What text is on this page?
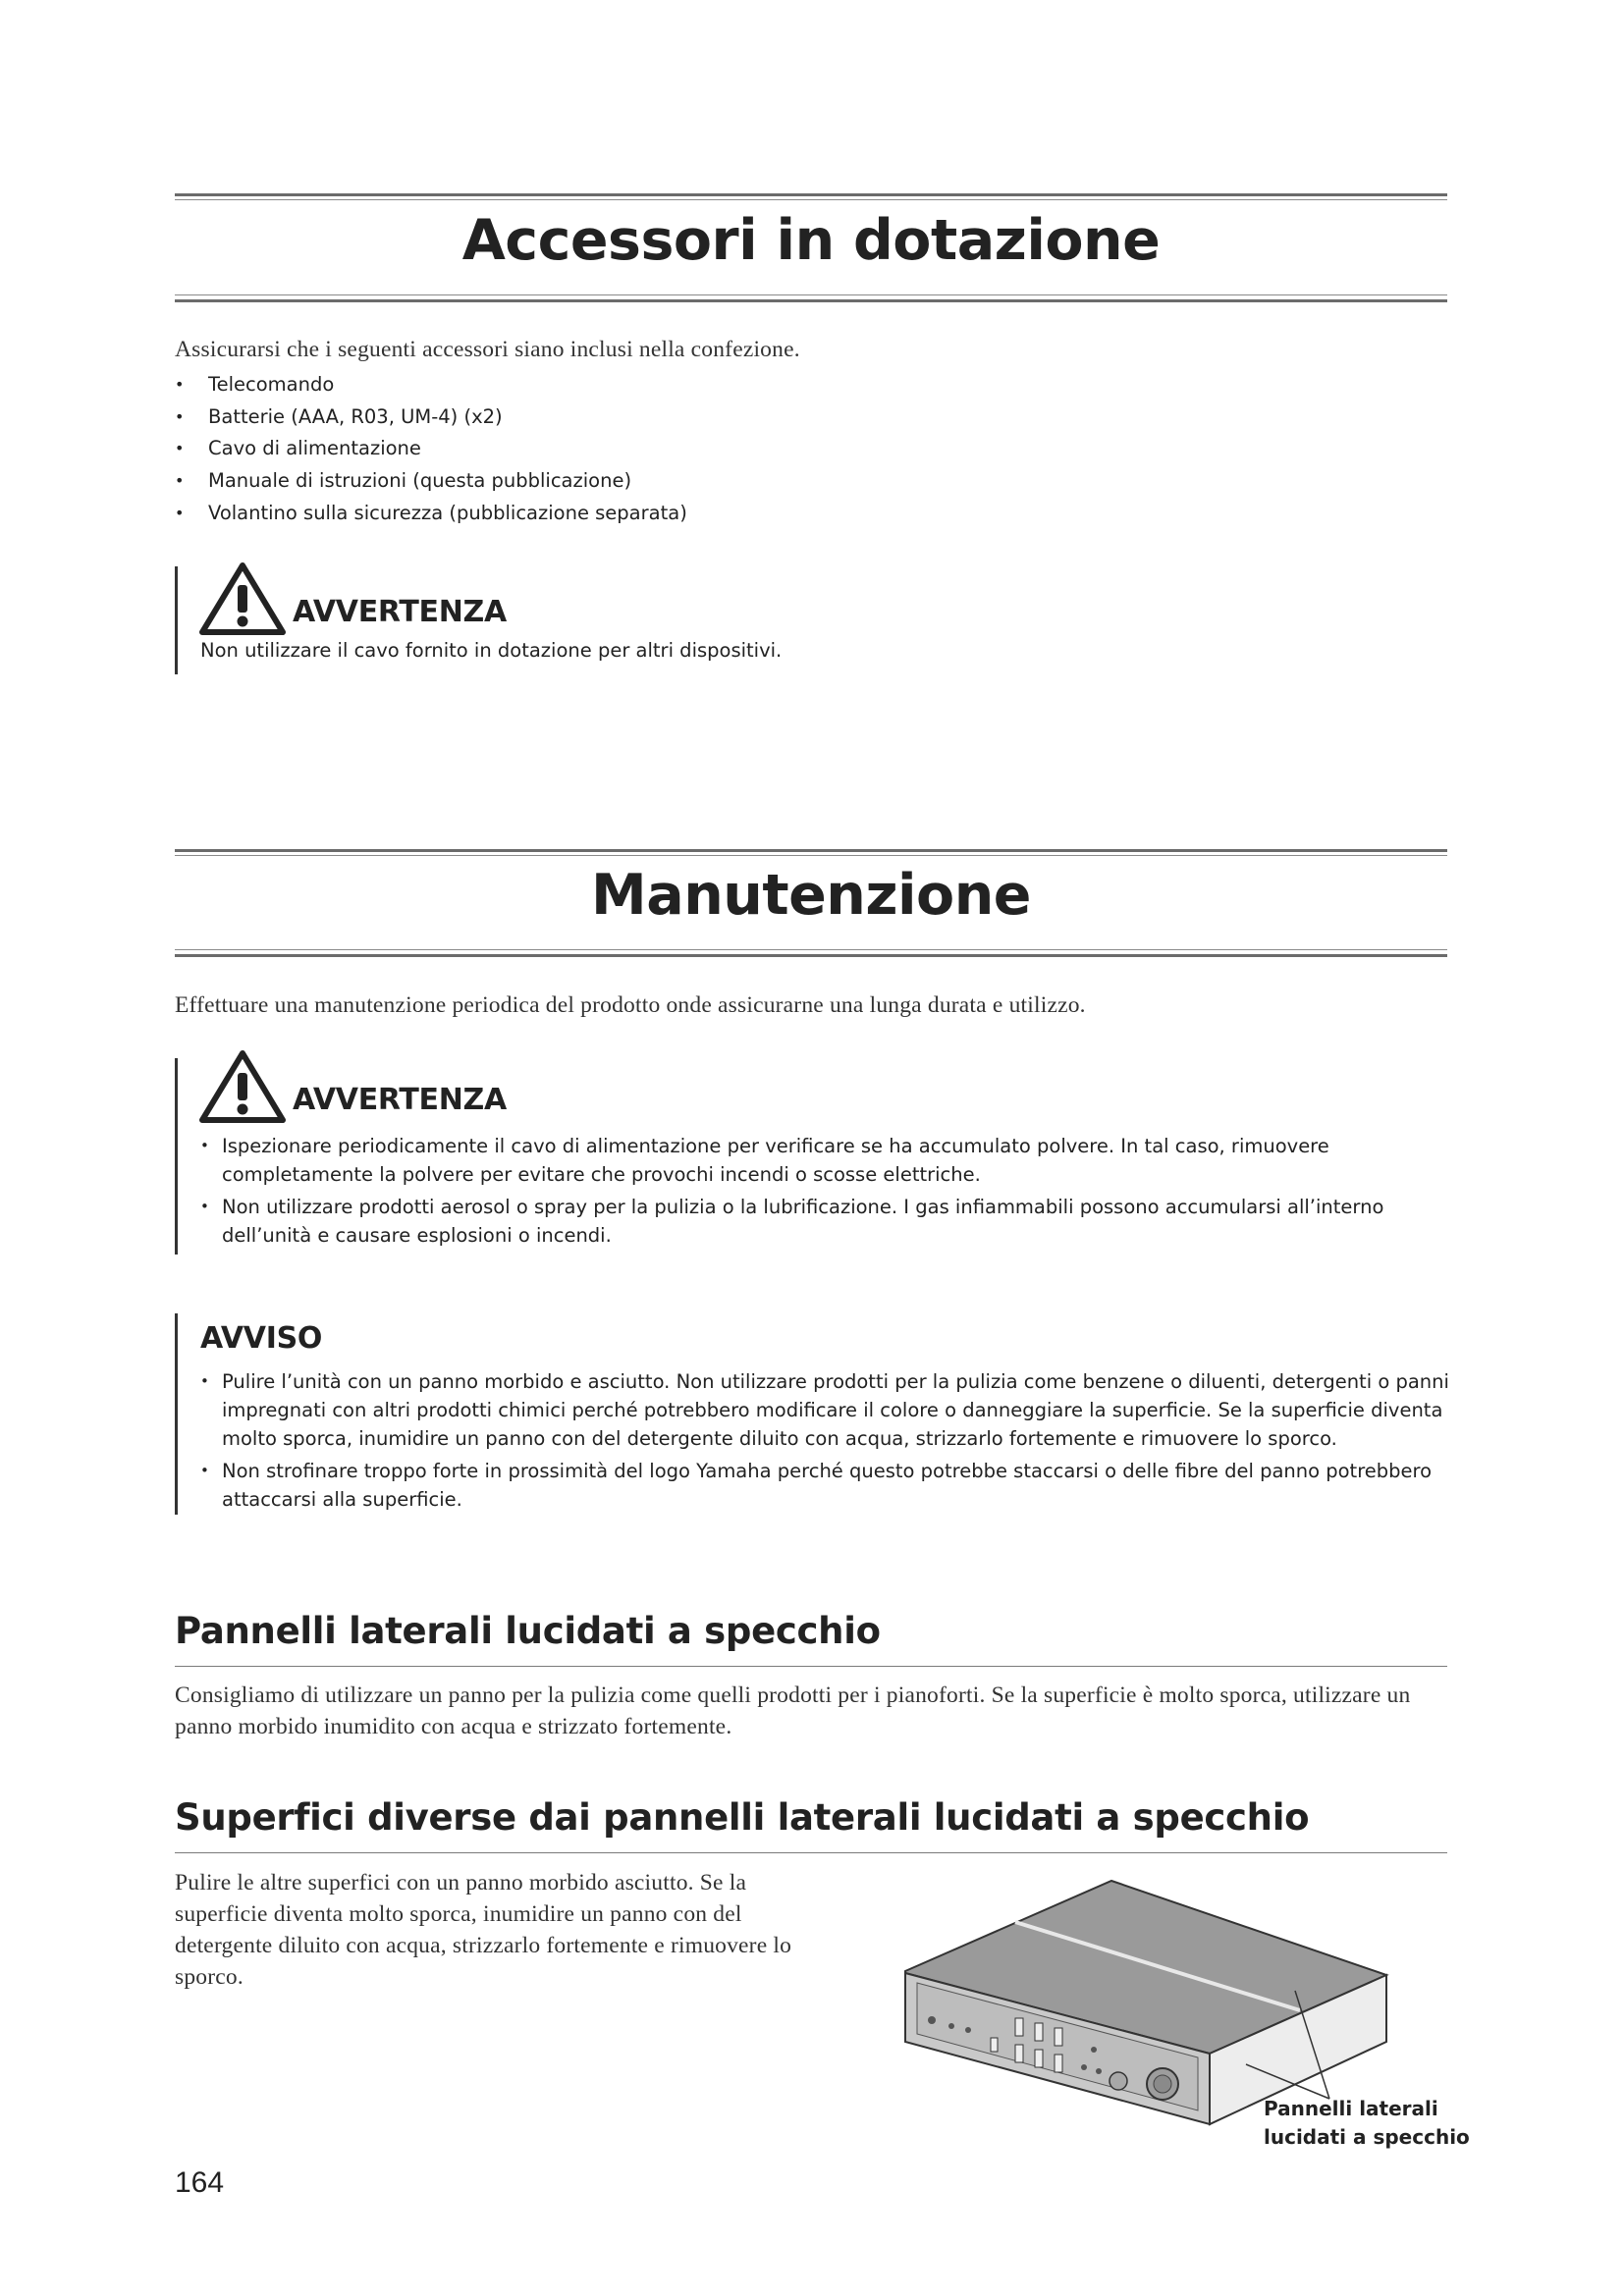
Accessori in dotazione
Assicurarsi che i seguenti accessori siano inclusi nella confezione.
• Telecomando
• Batterie (AAA, R03, UM-4) (x2)
• Cavo di alimentazione
• Manuale di istruzioni (questa pubblicazione)
• Volantino sulla sicurezza (pubblicazione separata)
AVVERTENZA
Non utilizzare il cavo fornito in dotazione per altri dispositivi.
Manutenzione
Effettuare una manutenzione periodica del prodotto onde assicurarne una lunga durata e utilizzo.
AVVERTENZA
• Ispezionare periodicamente il cavo di alimentazione per verificare se ha accumulato polvere. In tal caso, rimuovere completamente la polvere per evitare che provochi incendi o scosse elettriche.
• Non utilizzare prodotti aerosol o spray per la pulizia o la lubrificazione. I gas infiammabili possono accumularsi all’interno dell’unità e causare esplosioni o incendi.
AVVISO
• Pulire l’unità con un panno morbido e asciutto. Non utilizzare prodotti per la pulizia come benzene o diluenti, detergenti o panni impregnati con altri prodotti chimici perché potrebbero modificare il colore o danneggiare la superficie. Se la superficie diventa molto sporca, inumidire un panno con del detergente diluito con acqua, strizzarlo fortemente e rimuovere lo sporco.
• Non strofinare troppo forte in prossimità del logo Yamaha perché questo potrebbe staccarsi o delle fibre del panno potrebbero attaccarsi alla superficie.
Pannelli laterali lucidati a specchio
Consigliamo di utilizzare un panno per la pulizia come quelli prodotti per i pianoforti. Se la superficie è molto sporca, utilizzare un panno morbido inumidito con acqua e strizzato fortemente.
Superfici diverse dai pannelli laterali lucidati a specchio
Pulire le altre superfici con un panno morbido asciutto. Se la superficie diventa molto sporca, inumidire un panno con del detergente diluito con acqua, strizzarlo fortemente e rimuovere lo sporco.
Pannelli laterali
lucidati a specchio
164
